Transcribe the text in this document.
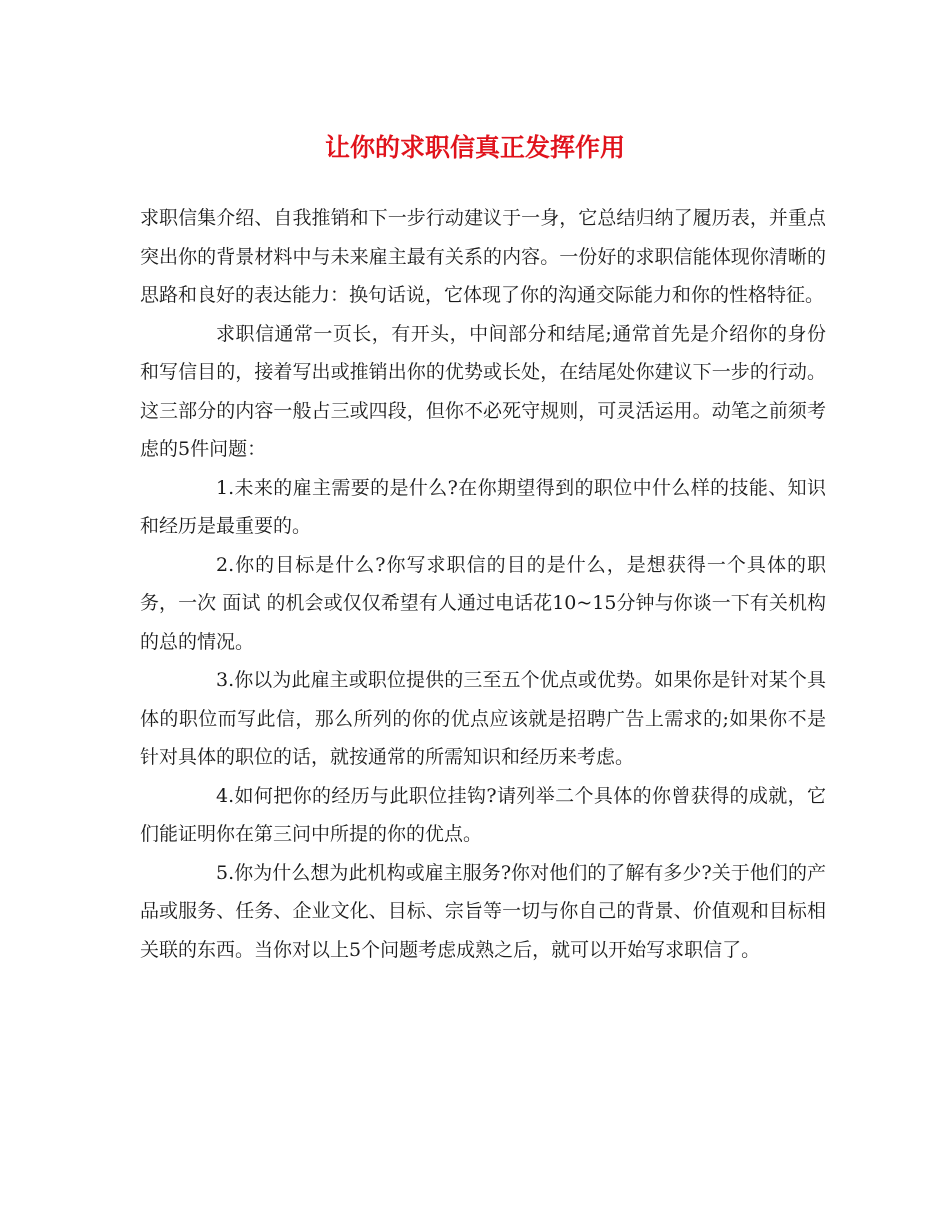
让你的求职信真正发挥作用

求职信集介绍、自我推销和下一步行动建议于一身，它总结归纳了履历表，并重点突出你的背景材料中与未来雇主最有关系的内容。一份好的求职信能体现你清晰的思路和良好的表达能力：换句话说，它体现了你的沟通交际能力和你的性格特征。

求职信通常一页长，有开头，中间部分和结尾;通常首先是介绍你的身份和写信目的，接着写出或推销出你的优势或长处，在结尾处你建议下一步的行动。这三部分的内容一般占三或四段，但你不必死守规则，可灵活运用。动笔之前须考虑的5件问题：

1.未来的雇主需要的是什么?在你期望得到的职位中什么样的技能、知识和经历是最重要的。

2.你的目标是什么?你写求职信的目的是什么，是想获得一个具体的职务，一次 面试 的机会或仅仅希望有人通过电话花10~15分钟与你谈一下有关机构的总的情况。

3.你以为此雇主或职位提供的三至五个优点或优势。如果你是针对某个具体的职位而写此信，那么所列的你的优点应该就是招聘广告上需求的;如果你不是针对具体的职位的话，就按通常的所需知识和经历来考虑。

4.如何把你的经历与此职位挂钩?请列举二个具体的你曾获得的成就，它们能证明你在第三问中所提的你的优点。

5.你为什么想为此机构或雇主服务?你对他们的了解有多少?关于他们的产品或服务、任务、企业文化、目标、宗旨等一切与你自己的背景、价值观和目标相关联的东西。当你对以上5个问题考虑成熟之后，就可以开始写求职信了。
